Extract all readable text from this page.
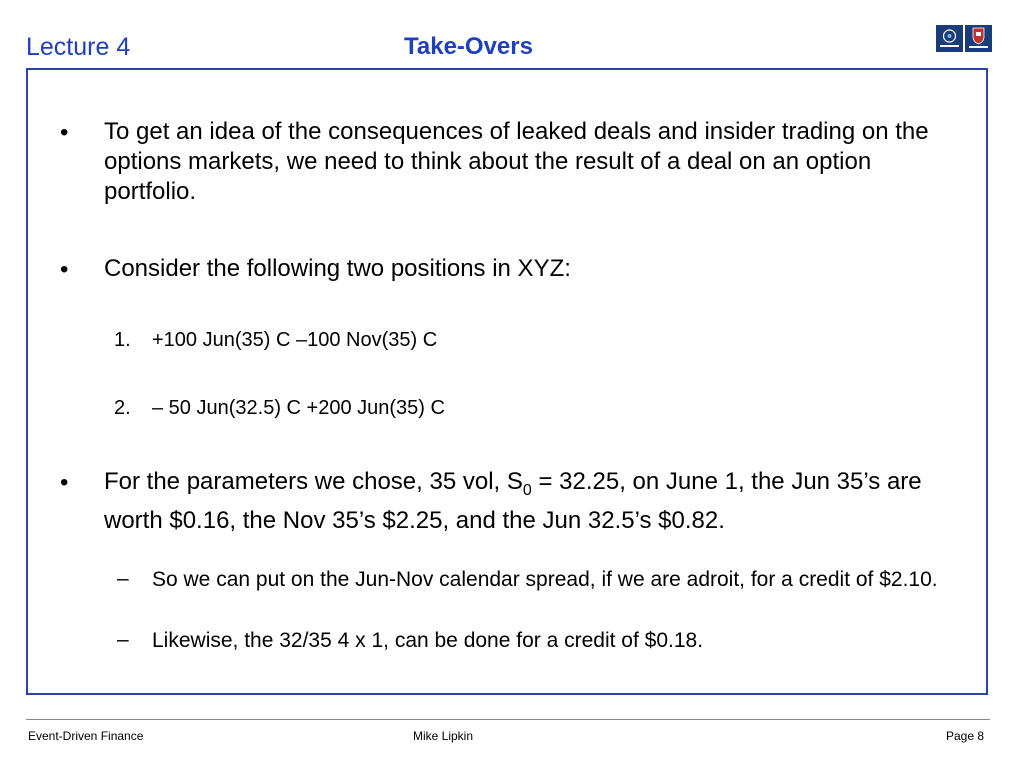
Lecture 4	Take-Overs
• To get an idea of the consequences of leaked deals and insider trading on the options markets, we need to think about the result of a deal on an option portfolio.
• Consider the following two positions in XYZ:
1. +100 Jun(35) C –100 Nov(35) C
2. – 50 Jun(32.5) C +200 Jun(35) C
• For the parameters we chose, 35 vol, $S_0 = 32.25$, on June 1, the Jun 35’s are worth $0.16, the Nov 35’s $2.25, and the Jun 32.5’s $0.82.
– So we can put on the Jun-Nov calendar spread, if we are adroit, for a credit of $2.10.
– Likewise, the 32/35 4 x 1, can be done for a credit of $0.18.
Event-Driven Finance	Mike Lipkin	Page 8
